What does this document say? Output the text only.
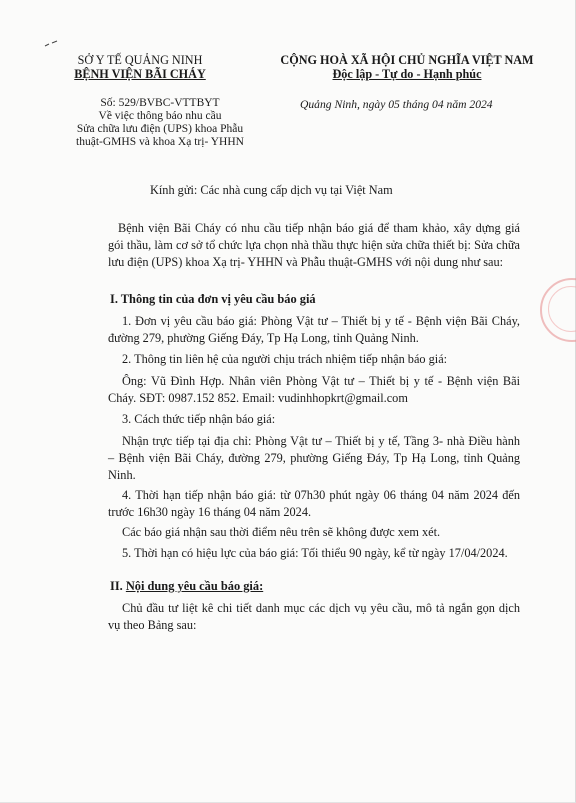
SỞ Y TẾ QUẢNG NINH
BỆNH VIỆN BÃI CHÁY
CỘNG HOÀ XÃ HỘI CHỦ NGHĨA VIỆT NAM
Độc lập - Tự do - Hạnh phúc
Số: 529/BVBC-VTTBYT
Về việc thông báo nhu cầu
Sửa chữa lưu điện (UPS) khoa Phẫu
thuật-GMHS và khoa Xạ trị- YHHN
Quảng Ninh, ngày 05 tháng 04 năm 2024
Kính gửi: Các nhà cung cấp dịch vụ tại Việt Nam
Bệnh viện Bãi Cháy có nhu cầu tiếp nhận báo giá để tham khảo, xây dựng giá
gói thầu, làm cơ sở tổ chức lựa chọn nhà thầu thực hiện sửa chữa thiết bị: Sửa chữa
lưu điện (UPS) khoa Xạ trị- YHHN và Phẫu thuật-GMHS với nội dung như sau:
I. Thông tin của đơn vị yêu cầu báo giá
1. Đơn vị yêu cầu báo giá: Phòng Vật tư – Thiết bị y tế - Bệnh viện Bãi Cháy,
đường 279, phường Giếng Đáy, Tp Hạ Long, tỉnh Quảng Ninh.
2. Thông tin liên hệ của người chịu trách nhiệm tiếp nhận báo giá:
Ông: Vũ Đình Hợp. Nhân viên Phòng Vật tư – Thiết bị y tế - Bệnh viện Bãi
Cháy. SĐT: 0987.152 852. Email: vudinhhopkrt@gmail.com
3. Cách thức tiếp nhận báo giá:
Nhận trực tiếp tại địa chỉ: Phòng Vật tư – Thiết bị y tế, Tầng 3- nhà Điều hành
– Bệnh viện Bãi Cháy, đường 279, phường Giếng Đáy, Tp Hạ Long, tỉnh Quảng
Ninh.
4. Thời hạn tiếp nhận báo giá: từ 07h30 phút ngày 06 tháng 04 năm 2024 đến
trước 16h30 ngày 16 tháng 04 năm 2024.
Các báo giá nhận sau thời điểm nêu trên sẽ không được xem xét.
5. Thời hạn có hiệu lực của báo giá: Tối thiểu 90 ngày, kể từ ngày 17/04/2024.
II. Nội dung yêu cầu báo giá:
Chủ đầu tư liệt kê chi tiết danh mục các dịch vụ yêu cầu, mô tả ngắn gọn dịch
vụ theo Bảng sau:
